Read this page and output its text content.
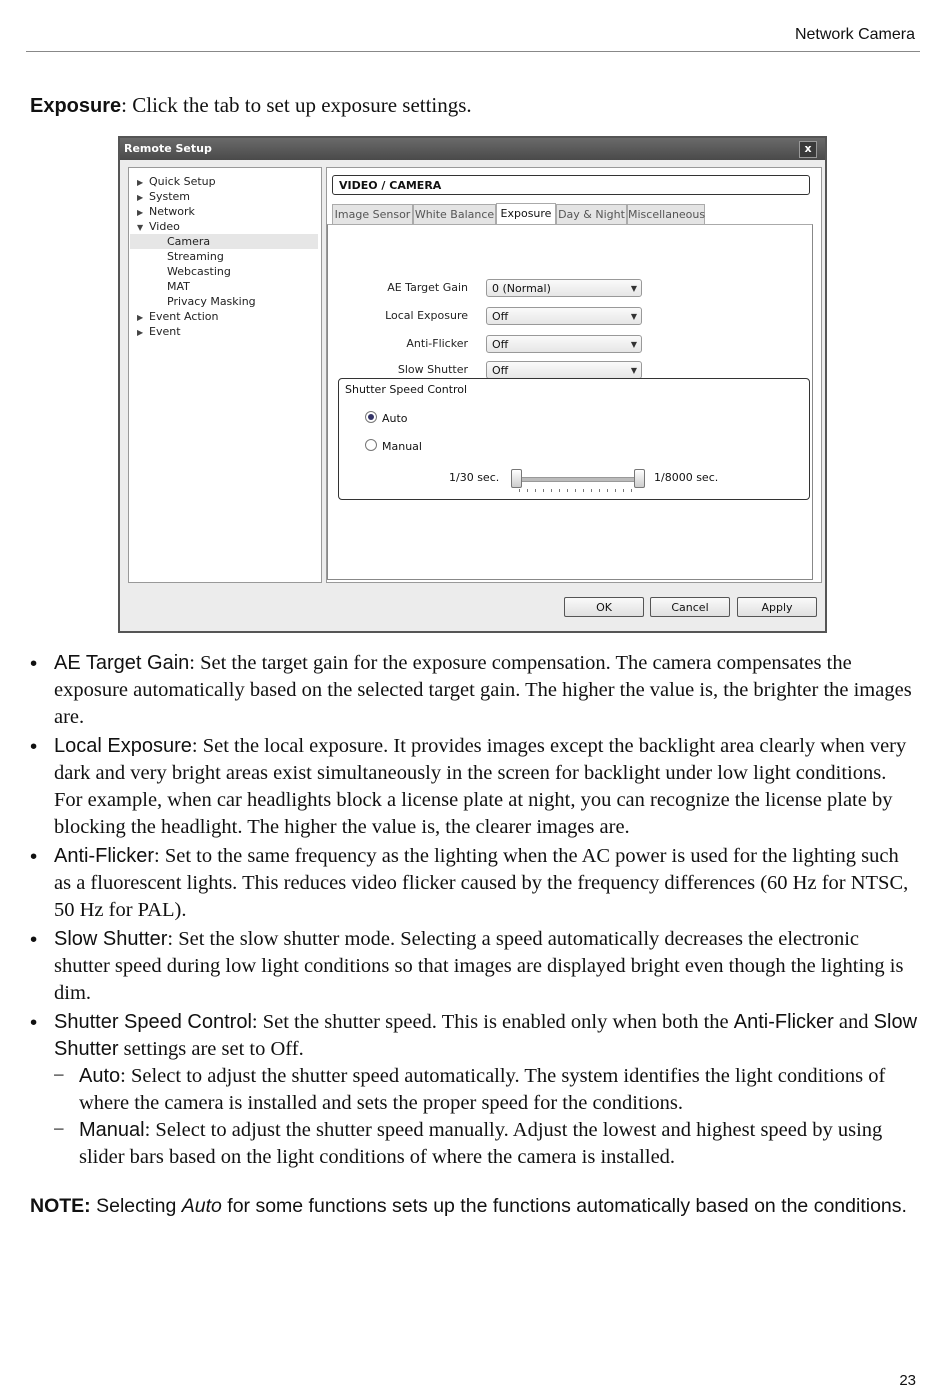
Network Camera
Exposure: Click the tab to set up exposure settings.
Remote Setup	x
▶ Quick Setup
▶ System
▶ Network
▼ Video
Camera
Streaming
Webcasting
MAT
Privacy Masking
▶ Event Action
▶ Event
VIDEO / CAMERA
Image Sensor White Balance Exposure Day & Night Miscellaneous
AE Target Gain	0 (Normal)	▼
Local Exposure	Off	▼
Anti-Flicker	Off	▼
Slow Shutter	Off	▼
Shutter Speed Control
Auto
Manual
1/30 sec.	1/8000 sec.
OK	Cancel	Apply
• AE Target Gain: Set the target gain for the exposure compensation. The camera compensates the exposure automatically based on the selected target gain. The higher the value is, the brighter the images are.
• Local Exposure: Set the local exposure. It provides images except the backlight area clearly when very dark and very bright areas exist simultaneously in the screen for backlight under low light conditions. For example, when car headlights block a license plate at night, you can recognize the license plate by blocking the headlight. The higher the value is, the clearer images are.
• Anti-Flicker: Set to the same frequency as the lighting when the AC power is used for the lighting such as a fluorescent lights. This reduces video flicker caused by the frequency differences (60 Hz for NTSC, 50 Hz for PAL).
• Slow Shutter: Set the slow shutter mode. Selecting a speed automatically decreases the electronic shutter speed during low light conditions so that images are displayed bright even though the lighting is dim.
• Shutter Speed Control: Set the shutter speed. This is enabled only when both the Anti-Flicker and Slow Shutter settings are set to Off.
− Auto: Select to adjust the shutter speed automatically. The system identifies the light conditions of where the camera is installed and sets the proper speed for the conditions.
− Manual: Select to adjust the shutter speed manually. Adjust the lowest and highest speed by using slider bars based on the light conditions of where the camera is installed.
NOTE: Selecting Auto for some functions sets up the functions automatically based on the conditions.
23
